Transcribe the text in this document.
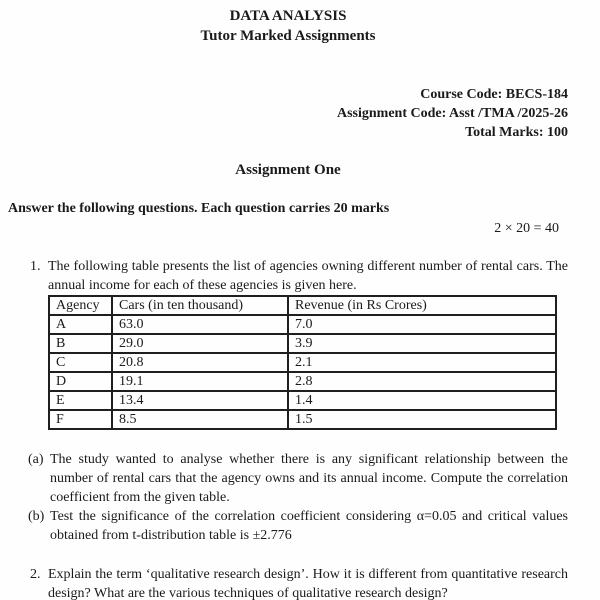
DATA ANALYSIS
Tutor Marked Assignments
Course Code: BECS-184
Assignment Code: Asst /TMA /2025-26
Total Marks: 100
Assignment One
Answer the following questions. Each question carries 20 marks
2 × 20 = 40
1. The following table presents the list of agencies owning different number of rental cars. The annual income for each of these agencies is given here.
Agency	Cars (in ten thousand)	Revenue (in Rs Crores)
A	63.0	7.0
B	29.0	3.9
C	20.8	2.1
D	19.1	2.8
E	13.4	1.4
F	8.5	1.5
(a) The study wanted to analyse whether there is any significant relationship between the number of rental cars that the agency owns and its annual income. Compute the correlation coefficient from the given table.
(b) Test the significance of the correlation coefficient considering α=0.05 and critical values obtained from t-distribution table is ±2.776
2. Explain the term ‘qualitative research design’. How it is different from quantitative research design? What are the various techniques of qualitative research design?
